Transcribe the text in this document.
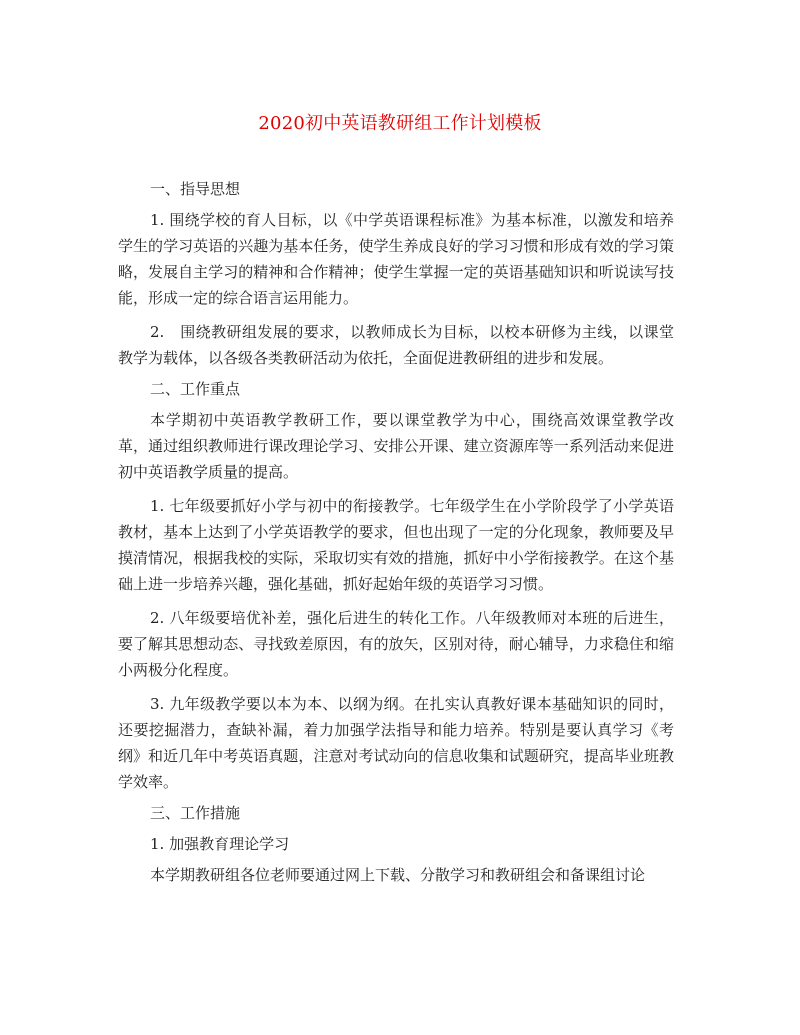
2020初中英语教研组工作计划模板

一、指导思想

1. 围绕学校的育人目标，以《中学英语课程标准》为基本标准，以激发和培养学生的学习英语的兴趣为基本任务，使学生养成良好的学习习惯和形成有效的学习策略，发展自主学习的精神和合作精神；使学生掌握一定的英语基础知识和听说读写技能，形成一定的综合语言运用能力。

2.　围绕教研组发展的要求，以教师成长为目标，以校本研修为主线，以课堂教学为载体，以各级各类教研活动为依托，全面促进教研组的进步和发展。

二、工作重点

本学期初中英语教学教研工作，要以课堂教学为中心，围绕高效课堂教学改革，通过组织教师进行课改理论学习、安排公开课、建立资源库等一系列活动来促进初中英语教学质量的提高。

1. 七年级要抓好小学与初中的衔接教学。七年级学生在小学阶段学了小学英语教材，基本上达到了小学英语教学的要求，但也出现了一定的分化现象，教师要及早摸清情况，根据我校的实际，采取切实有效的措施，抓好中小学衔接教学。在这个基础上进一步培养兴趣，强化基础，抓好起始年级的英语学习习惯。

2. 八年级要培优补差，强化后进生的转化工作。八年级教师对本班的后进生，要了解其思想动态、寻找致差原因，有的放矢，区别对待，耐心辅导，力求稳住和缩小两极分化程度。

3. 九年级教学要以本为本、以纲为纲。在扎实认真教好课本基础知识的同时，还要挖掘潜力，查缺补漏，着力加强学法指导和能力培养。特别是要认真学习《考纲》和近几年中考英语真题，注意对考试动向的信息收集和试题研究，提高毕业班教学效率。

三、工作措施

1. 加强教育理论学习

本学期教研组各位老师要通过网上下载、分散学习和教研组会和备课组讨论
